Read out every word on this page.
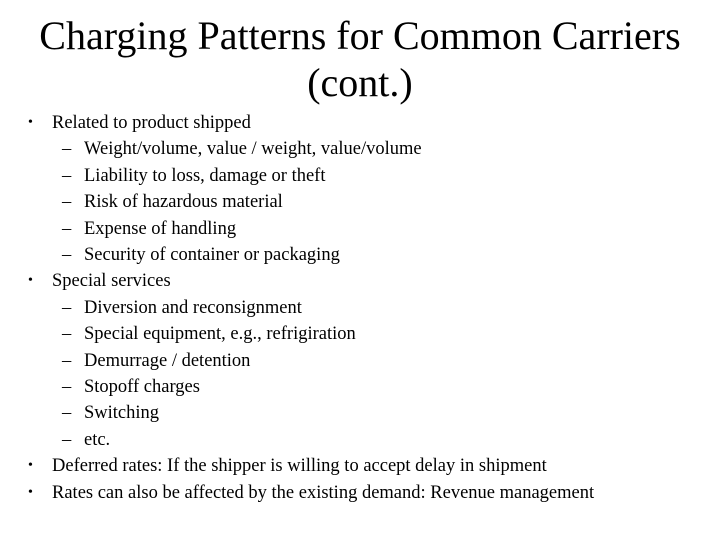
Charging Patterns for Common Carriers
(cont.)
• Related to product shipped
– Weight/volume, value / weight, value/volume
– Liability to loss, damage or theft
– Risk of hazardous material
– Expense of handling
– Security of container or packaging
• Special services
– Diversion and reconsignment
– Special equipment, e.g., refrigiration
– Demurrage / detention
– Stopoff charges
– Switching
– etc.
• Deferred rates: If the shipper is willing to accept delay in shipment
• Rates can also be affected by the existing demand: Revenue management
